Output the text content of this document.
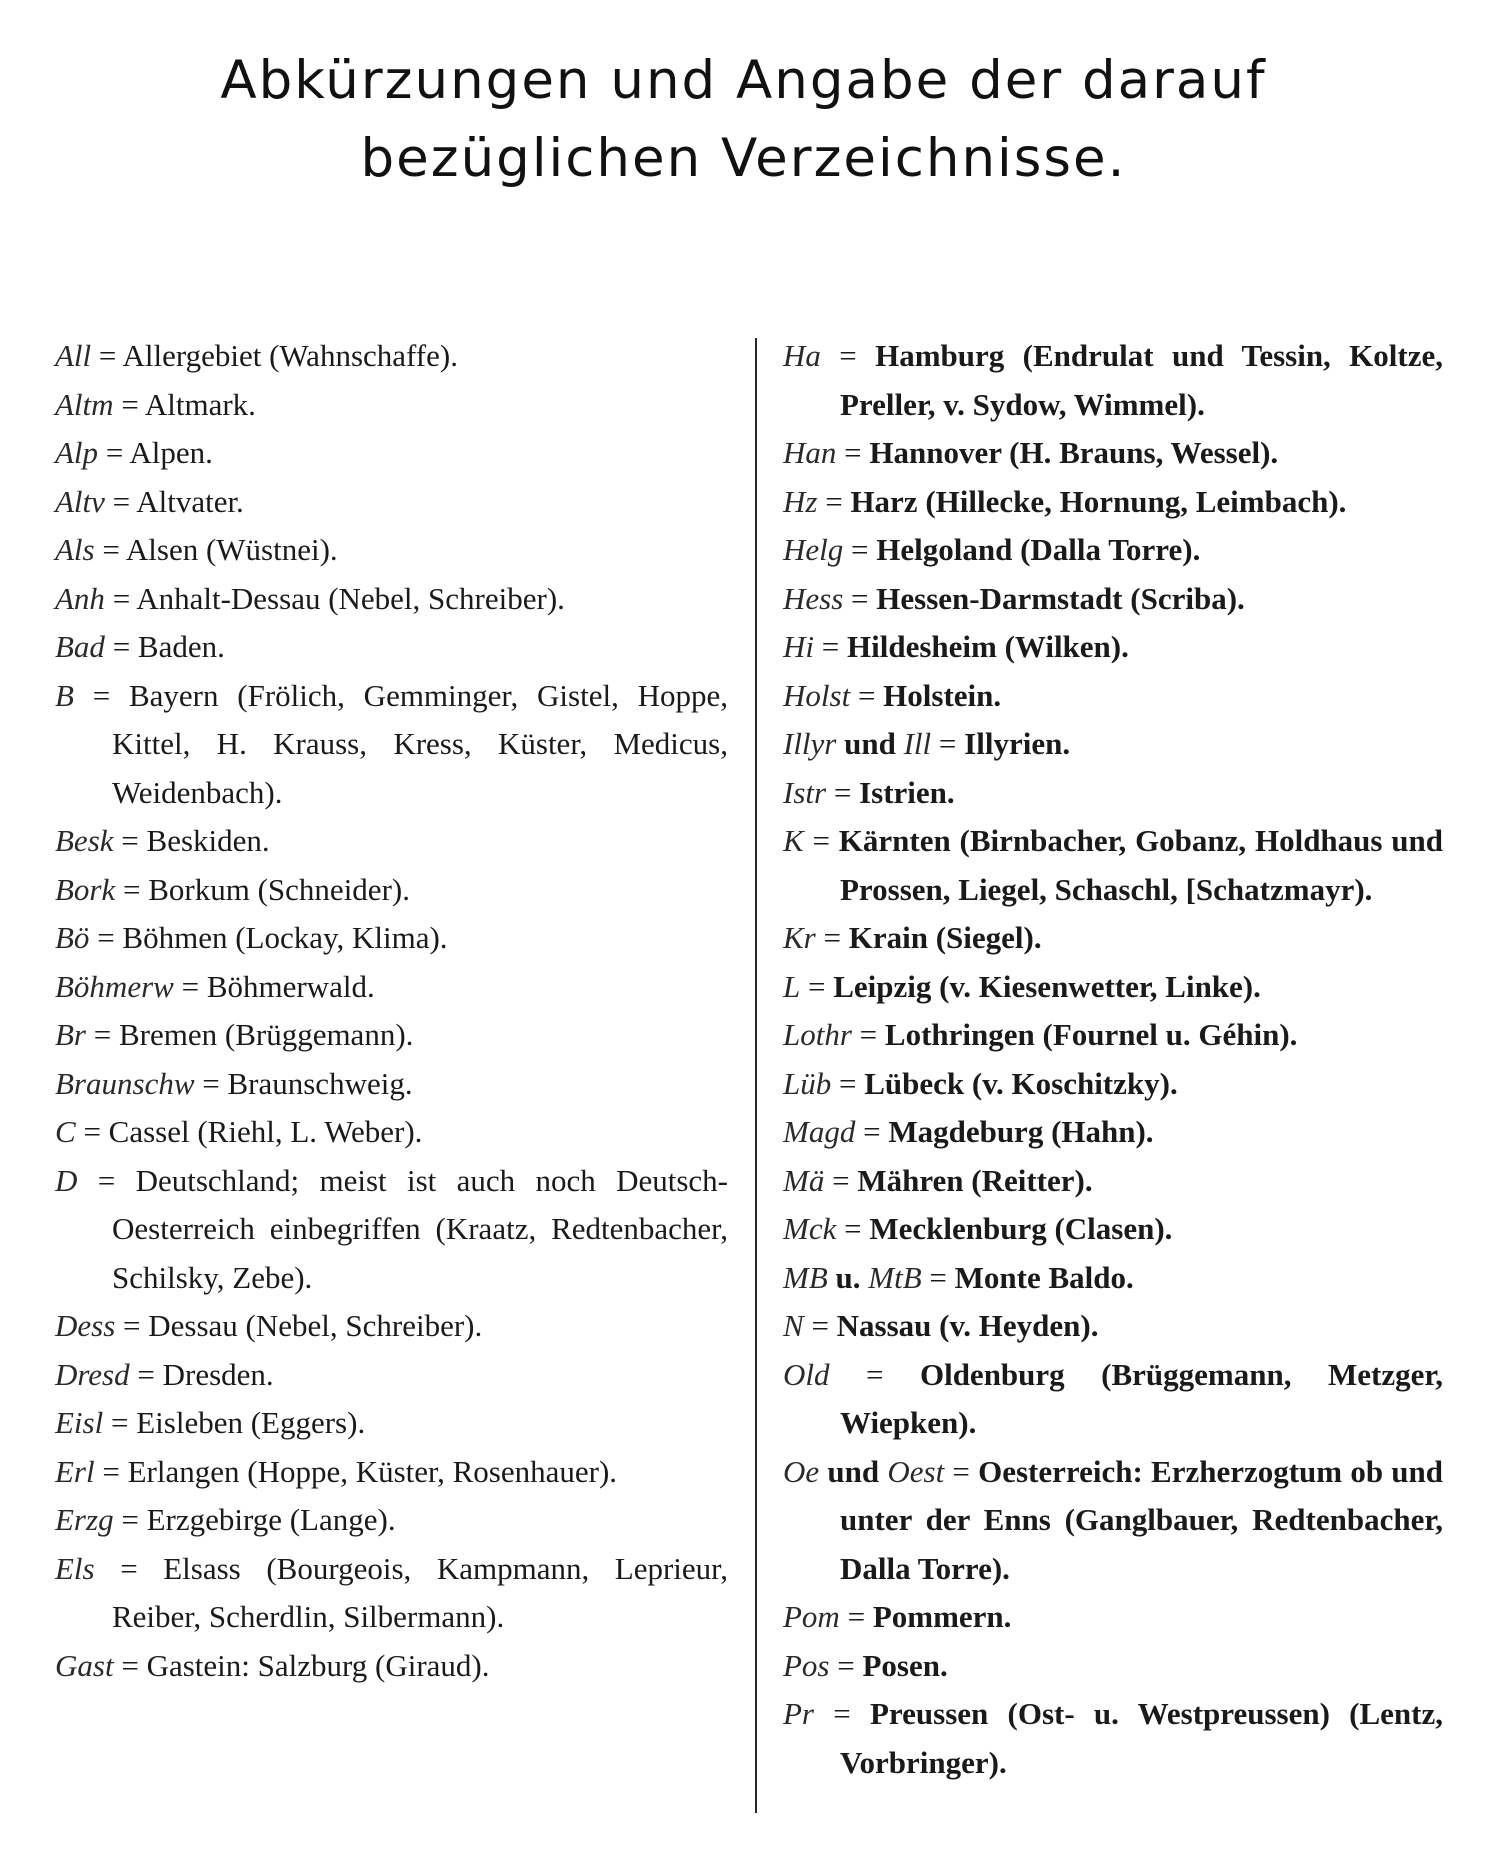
Abkürzungen und Angabe der darauf
bezüglichen Verzeichnisse.
All = Allergebiet (Wahnschaffe).
Altm = Altmark.
Alp = Alpen.
Altv = Altvater.
Als = Alsen (Wüstnei).
Anh = Anhalt-Dessau (Nebel, Schreiber).
Bad = Baden.
B = Bayern (Frölich, Gemminger, Gistel, Hoppe, Kittel, H. Krauss, Kress, Küster, Medicus, Weidenbach).
Besk = Beskiden.
Bork = Borkum (Schneider).
Bö = Böhmen (Lockay, Klima).
Böhmerw = Böhmerwald.
Br = Bremen (Brüggemann).
Braunschw = Braunschweig.
C = Cassel (Riehl, L. Weber).
D = Deutschland; meist ist auch noch Deutsch-Oesterreich einbegriffen (Kraatz, Redtenbacher, Schilsky, Zebe).
Dess = Dessau (Nebel, Schreiber).
Dresd = Dresden.
Eisl = Eisleben (Eggers).
Erl = Erlangen (Hoppe, Küster, Rosenhauer).
Erzg = Erzgebirge (Lange).
Els = Elsass (Bourgeois, Kampmann, Leprieur, Reiber, Scherdlin, Silbermann).
Gast = Gastein: Salzburg (Giraud).
Ha = Hamburg (Endrulat und Tessin, Koltze, Preller, v. Sydow, Wimmel).
Han = Hannover (H. Brauns, Wessel).
Hz = Harz (Hillecke, Hornung, Leimbach).
Helg = Helgoland (Dalla Torre).
Hess = Hessen-Darmstadt (Scriba).
Hi = Hildesheim (Wilken).
Holst = Holstein.
Illyr und Ill = Illyrien.
Istr = Istrien.
K = Kärnten (Birnbacher, Gobanz, Holdhaus und Prossen, Liegel, Schaschl, [Schatzmayr).
Kr = Krain (Siegel).
L = Leipzig (v. Kiesenwetter, Linke).
Lothr = Lothringen (Fournel u. Géhin).
Lüb = Lübeck (v. Koschitzky).
Magd = Magdeburg (Hahn).
Mä = Mähren (Reitter).
Mck = Mecklenburg (Clasen).
MB u. MtB = Monte Baldo.
N = Nassau (v. Heyden).
Old = Oldenburg (Brüggemann, Metzger, Wiepken).
Oe und Oest = Oesterreich: Erzherzogtum ob und unter der Enns (Ganglbauer, Redtenbacher, Dalla Torre).
Pom = Pommern.
Pos = Posen.
Pr = Preussen (Ost- u. Westpreussen) (Lentz, Vorbringer).
